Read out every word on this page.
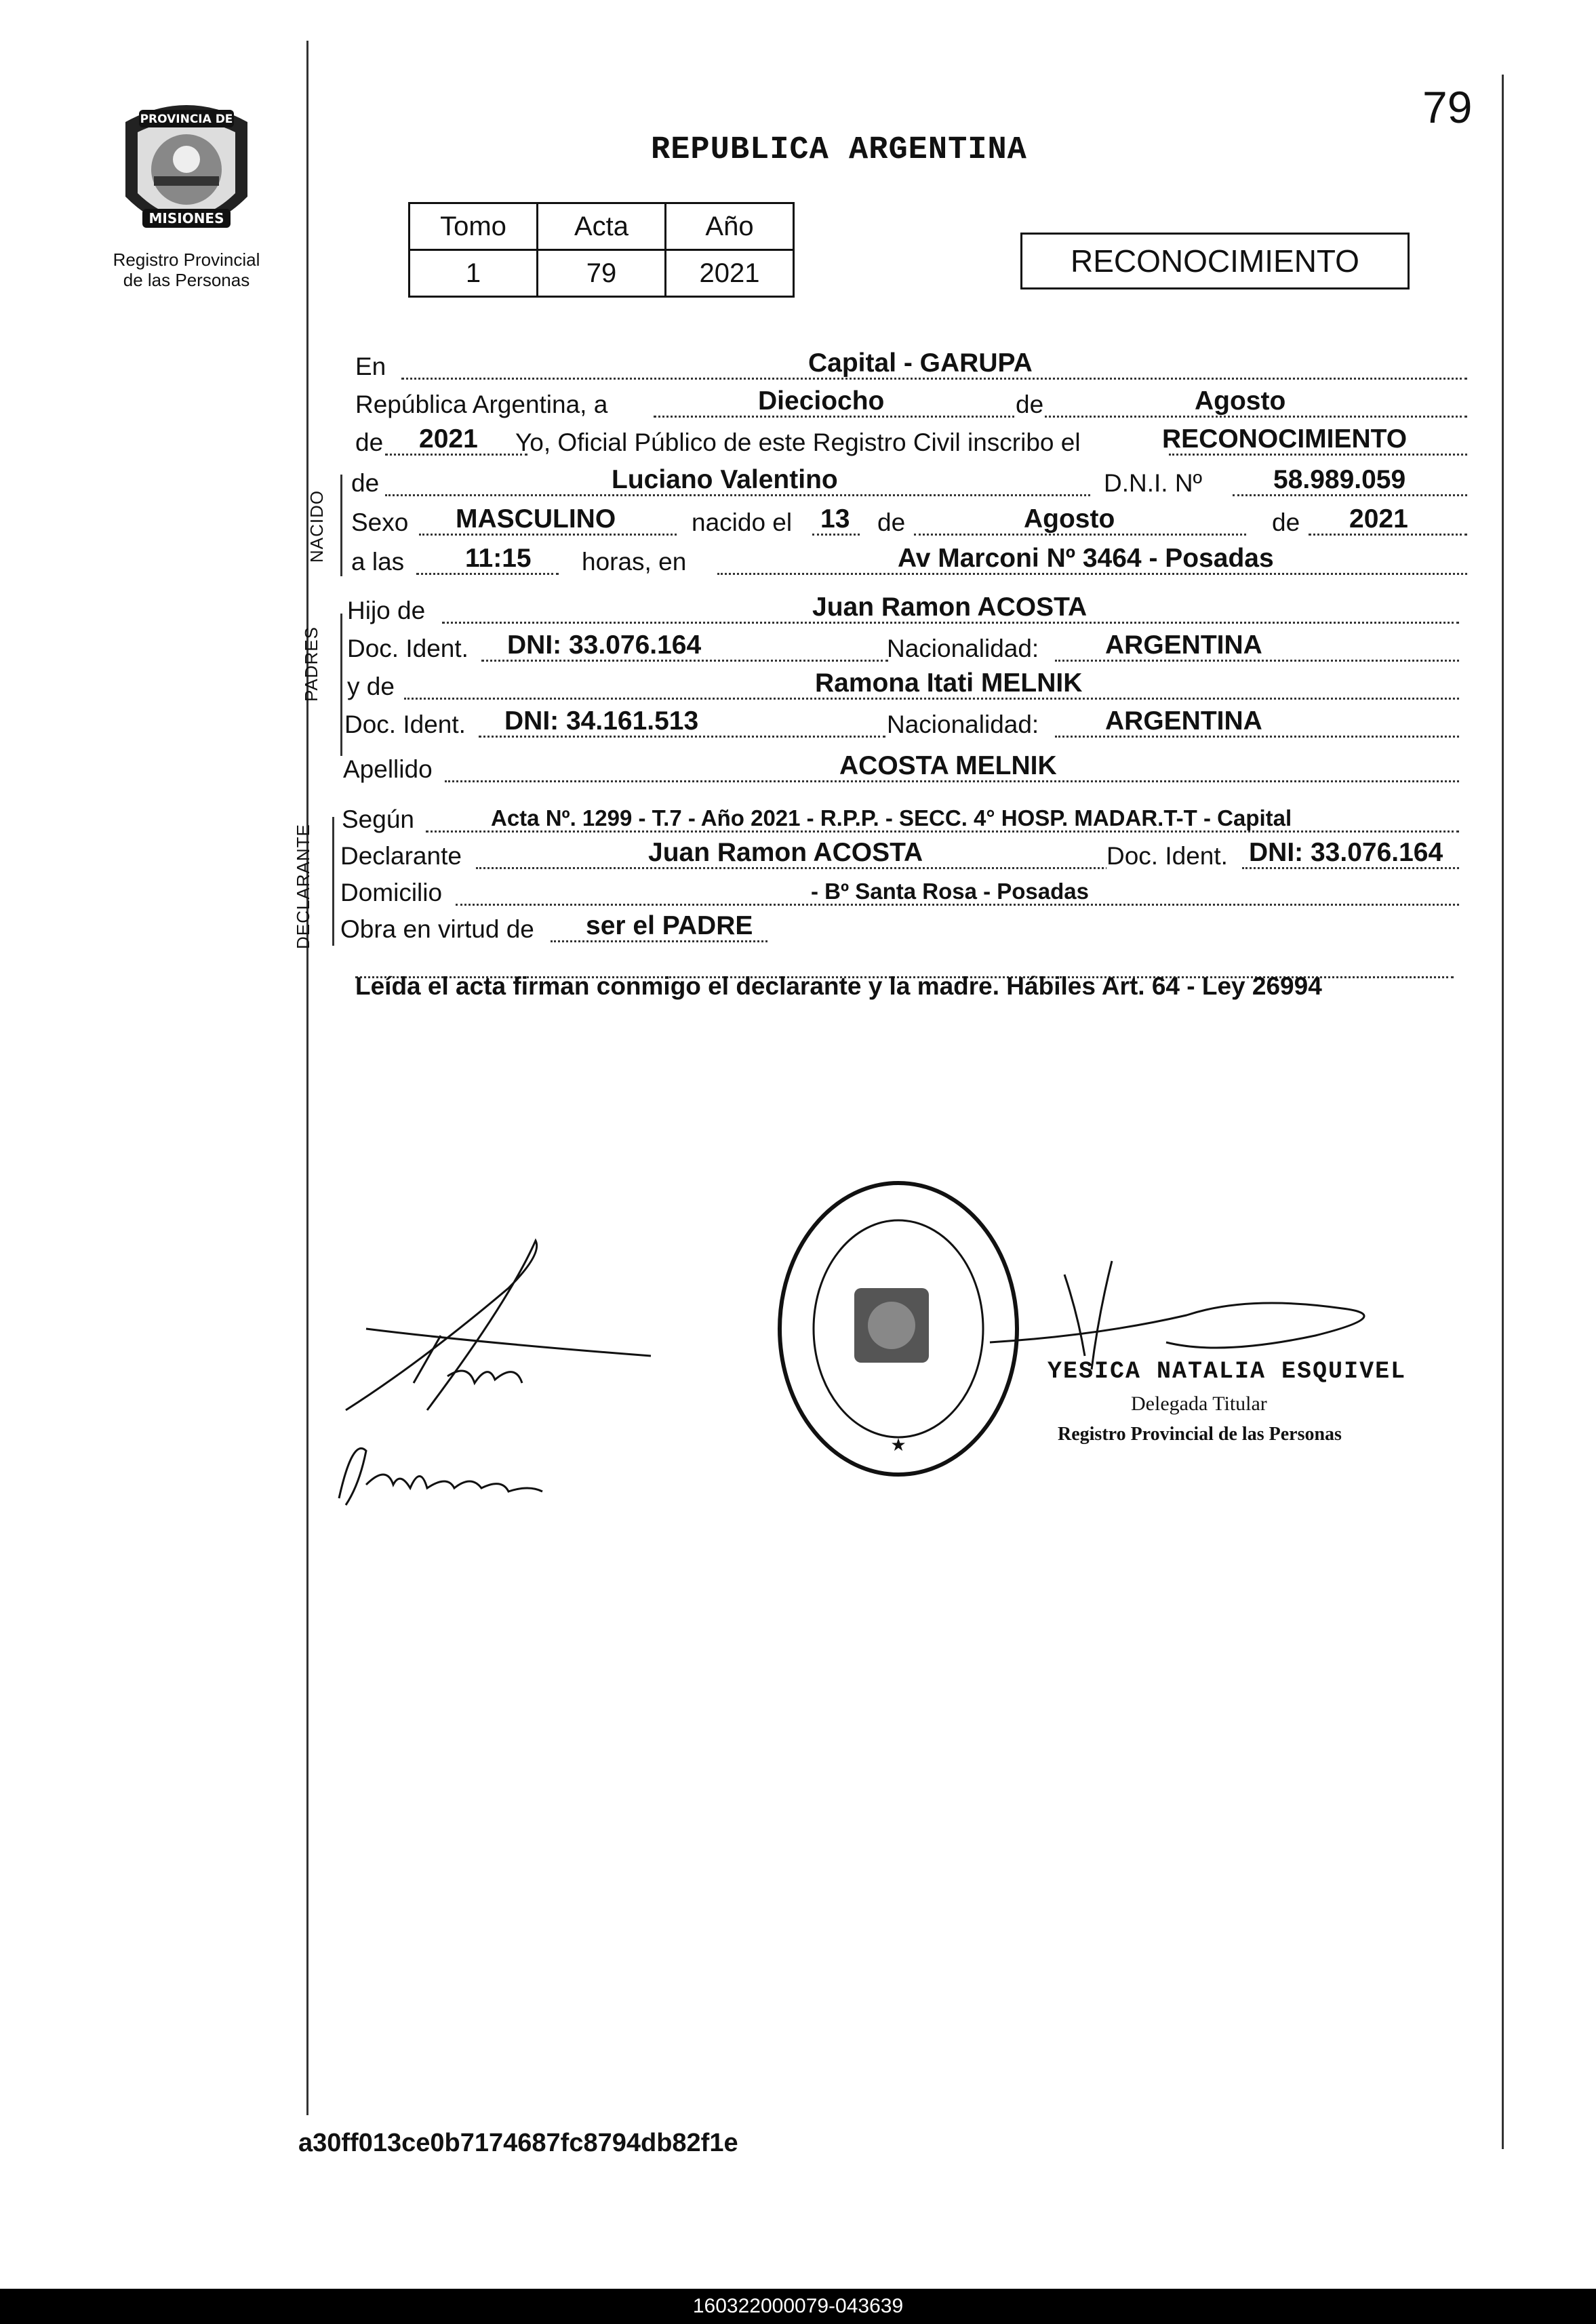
79
PROVINCIA DE
MISIONES
Registro Provincial
de las Personas
REPUBLICA ARGENTINA
Tomo	Acta	Año
1	79	2021	RECONOCIMIENTO
NACIDO
PADRES
DECLARANTE
En	Capital - GARUPA
República Argentina, a	Dieciocho	de	Agosto
de 2021 Yo, Oficial Público de este Registro Civil inscribo el	RECONOCIMIENTO
de	Luciano Valentino	D.N.I. Nº	58.989.059
Sexo MASCULINO	nacido el 13 de	Agosto	de 2021
a las 11:15 horas, en	Av Marconi Nº 3464 - Posadas
Hijo de	Juan Ramon ACOSTA
Doc. Ident. DNI: 33.076.164	Nacionalidad:	ARGENTINA
y de	Ramona Itati MELNIK
Doc. Ident. DNI: 34.161.513	Nacionalidad:	ARGENTINA
Apellido	ACOSTA MELNIK
Según	Acta Nº. 1299 - T.7 - Año 2021 - R.P.P. - SECC. 4° HOSP. MADAR.T-T - Capital
Declarante	Juan Ramon ACOSTA	Doc. Ident. DNI: 33.076.164
Domicilio	- Bº Santa Rosa - Posadas
Obra en virtud de ser el PADRE
Leída el acta firman conmigo el declarante y la madre. Hábiles Art. 64 - Ley 26994
★
YESICA NATALIA ESQUIVEL
Delegada Titular
Registro Provincial de las Personas
a30ff013ce0b7174687fc8794db82f1e
160322000079-043639
